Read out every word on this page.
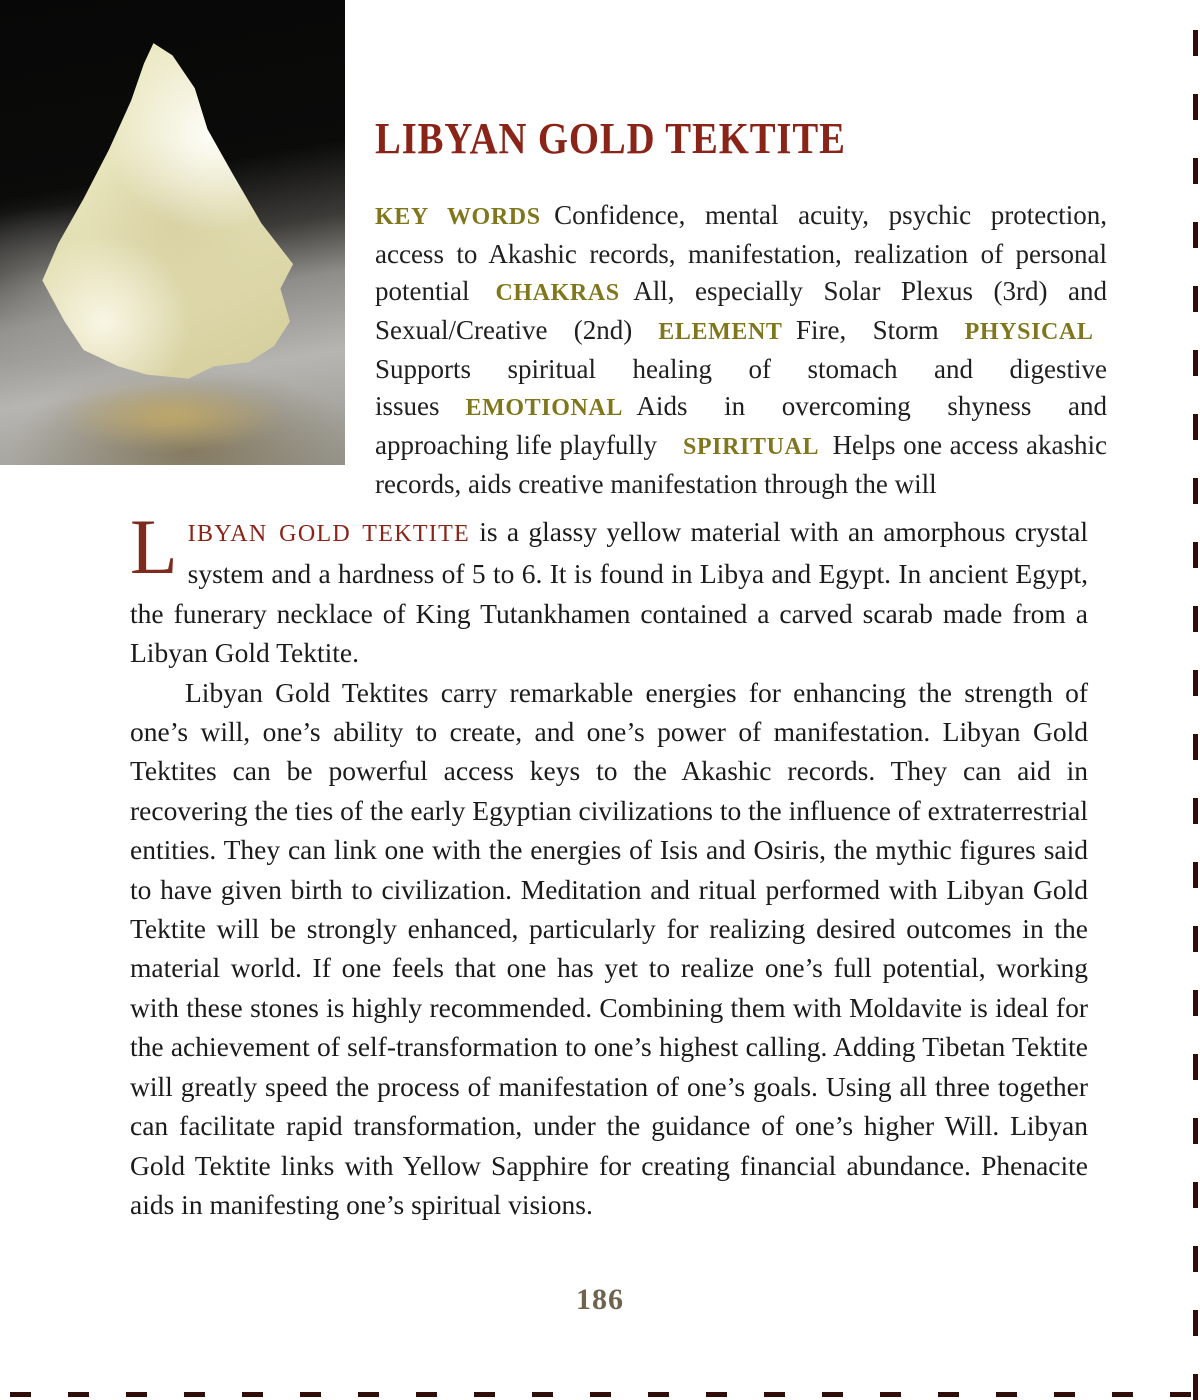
LIBYAN GOLD TEKTITE

KEY WORDS Confidence, mental acuity, psychic protection, access to Akashic records, manifestation, realization of personal potential CHAKRAS All, especially Solar Plexus (3rd) and Sexual/Creative (2nd) ELEMENT Fire, Storm PHYSICAL Supports spiritual healing of stomach and digestive issues EMOTIONAL Aids in overcoming shyness and approaching life playfully SPIRITUAL Helps one access akashic records, aids creative manifestation through the will

LIBYAN GOLD TEKTITE is a glassy yellow material with an amorphous crystal system and a hardness of 5 to 6. It is found in Libya and Egypt. In ancient Egypt, the funerary necklace of King Tutankhamen contained a carved scarab made from a Libyan Gold Tektite.

Libyan Gold Tektites carry remarkable energies for enhancing the strength of one’s will, one’s ability to create, and one’s power of manifestation. Libyan Gold Tektites can be powerful access keys to the Akashic records. They can aid in recovering the ties of the early Egyptian civilizations to the influence of extraterrestrial entities. They can link one with the energies of Isis and Osiris, the mythic figures said to have given birth to civilization. Meditation and ritual performed with Libyan Gold Tektite will be strongly enhanced, particularly for realizing desired outcomes in the material world. If one feels that one has yet to realize one’s full potential, working with these stones is highly recommended. Combining them with Moldavite is ideal for the achievement of self-transformation to one’s highest calling. Adding Tibetan Tektite will greatly speed the process of manifestation of one’s goals. Using all three together can facilitate rapid transformation, under the guidance of one’s higher Will. Libyan Gold Tektite links with Yellow Sapphire for creating financial abundance. Phenacite aids in manifesting one’s spiritual visions.

186
